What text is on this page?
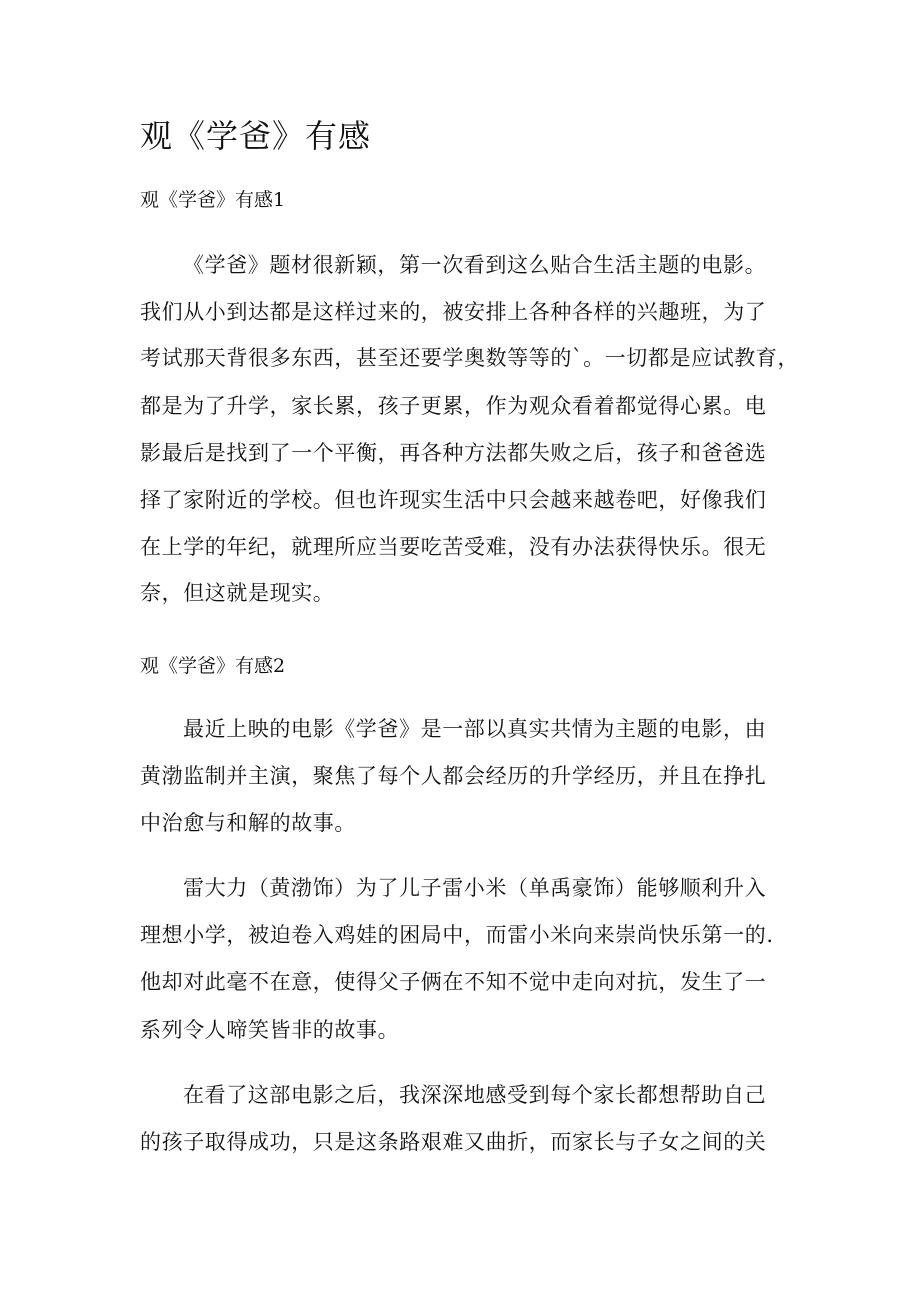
观《学爸》有感
观《学爸》有感1
《学爸》题材很新颖，第一次看到这么贴合生活主题的电影。
我们从小到达都是这样过来的，被安排上各种各样的兴趣班，为了
考试那天背很多东西，甚至还要学奥数等等的`。一切都是应试教育，
都是为了升学，家长累，孩子更累，作为观众看着都觉得心累。电
影最后是找到了一个平衡，再各种方法都失败之后，孩子和爸爸选
择了家附近的学校。但也许现实生活中只会越来越卷吧，好像我们
在上学的年纪，就理所应当要吃苦受难，没有办法获得快乐。很无
奈，但这就是现实。
观《学爸》有感2
最近上映的电影《学爸》是一部以真实共情为主题的电影，由
黄渤监制并主演，聚焦了每个人都会经历的升学经历，并且在挣扎
中治愈与和解的故事。
雷大力（黄渤饰）为了儿子雷小米（单禹豪饰）能够顺利升入
理想小学，被迫卷入鸡娃的困局中，而雷小米向来崇尚快乐第一的.
他却对此毫不在意，使得父子俩在不知不觉中走向对抗，发生了一
系列令人啼笑皆非的故事。
在看了这部电影之后，我深深地感受到每个家长都想帮助自己
的孩子取得成功，只是这条路艰难又曲折，而家长与子女之间的关
